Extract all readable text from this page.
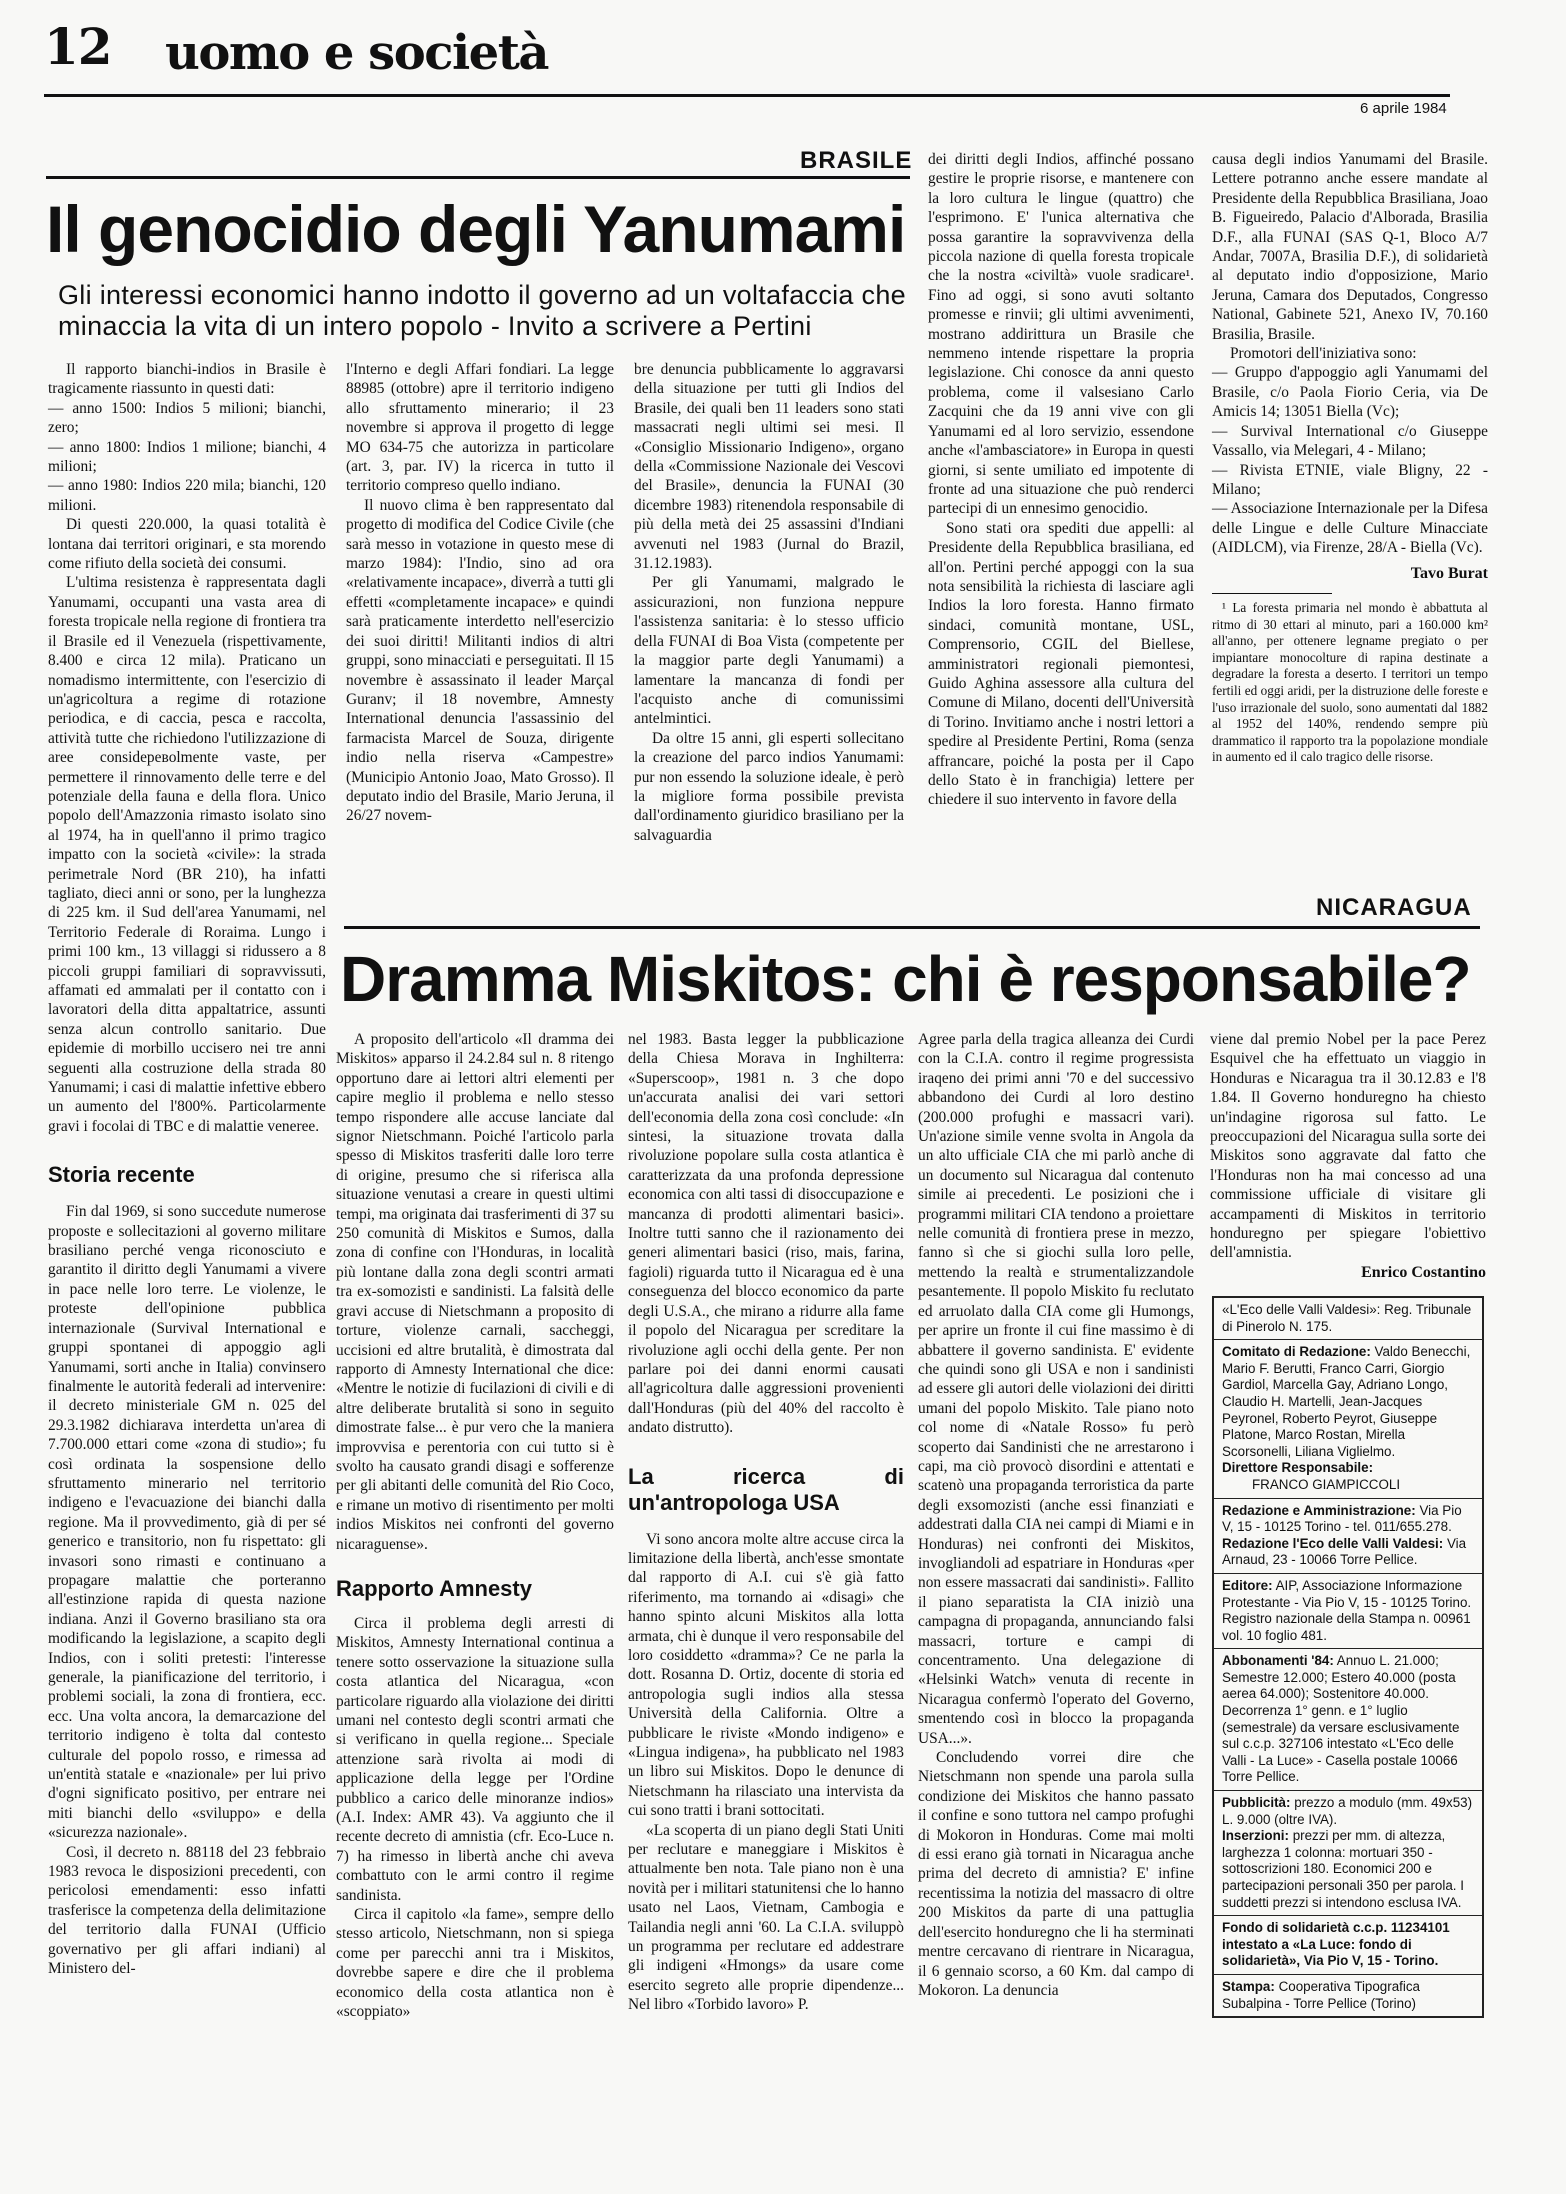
12 uomo e società
6 aprile 1984
BRASILE
Il genocidio degli Yanumami
Gli interessi economici hanno indotto il governo ad un voltafaccia che minaccia la vita di un intero popolo - Invito a scrivere a Pertini

Il rapporto bianchi-indios in Brasile è tragicamente riassunto in questi dati:

— anno 1500: Indios 5 milioni; bianchi, zero;

— anno 1800: Indios 1 milione; bianchi, 4 milioni;

— anno 1980: Indios 220 mila; bianchi, 120 milioni.

Di questi 220.000, la quasi totalità è lontana dai territori originari, e sta morendo come rifiuto della società dei consumi.

L'ultima resistenza è rappresentata dagli Yanumami, occupanti una vasta area di foresta tropicale nella regione di frontiera tra il Brasile ed il Venezuela (rispettivamente, 8.400 e circa 12 mila). Praticano un nomadismo intermittente, con l'esercizio di un'agricoltura a regime di rotazione periodica, e di caccia, pesca e raccolta, attività tutte che richiedono l'utilizzazione di aree consideревolmente vaste, per permettere il rinnovamento delle terre e del potenziale della fauna e della flora. Unico popolo dell'Amazzonia rimasto isolato sino al 1974, ha in quell'anno il primo tragico impatto con la società «civile»: la strada perimetrale Nord (BR 210), ha infatti tagliato, dieci anni or sono, per la lunghezza di 225 km. il Sud dell'area Yanumami, nel Territorio Federale di Roraima. Lungo i primi 100 km., 13 villaggi si ridussero a 8 piccoli gruppi familiari di sopravvissuti, affamati ed ammalati per il contatto con i lavoratori della ditta appaltatrice, assunti senza alcun controllo sanitario. Due epidemie di morbillo uccisero nei tre anni seguenti alla costruzione della strada 80 Yanumami; i casi di malattie infettive ebbero un aumento del l'800%. Particolarmente gravi i focolai di TBC e di malattie veneree.

Storia recente

Fin dal 1969, si sono succedute numerose proposte e sollecitazioni al governo militare brasiliano perché venga riconosciuto e garantito il diritto degli Yanumami a vivere in pace nelle loro terre. Le violenze, le proteste dell'opinione pubblica internazionale (Survival International e gruppi spontanei di appoggio agli Yanumami, sorti anche in Italia) convinsero finalmente le autorità federali ad intervenire: il decreto ministeriale GM n. 025 del 29.3.1982 dichiarava interdetta un'area di 7.700.000 ettari come «zona di studio»; fu così ordinata la sospensione dello sfruttamento minerario nel territorio indigeno e l'evacuazione dei bianchi dalla regione. Ma il provvedimento, già di per sé generico e transitorio, non fu rispettato: gli invasori sono rimasti e continuano a propagare malattie che porteranno all'estinzione rapida di questa nazione indiana. Anzi il Governo brasiliano sta ora modificando la legislazione, a scapito degli Indios, con i soliti pretesti: l'interesse generale, la pianificazione del territorio, i problemi sociali, la zona di frontiera, ecc. ecc. Una volta ancora, la demarcazione del territorio indigeno è tolta dal contesto culturale del popolo rosso, e rimessa ad un'entità statale e «nazionale» per lui privo d'ogni significato positivo, per entrare nei miti bianchi dello «sviluppo» e della «sicurezza nazionale».

Così, il decreto n. 88118 del 23 febbraio 1983 revoca le disposizioni precedenti, con pericolosi emendamenti: esso infatti trasferisce la competenza della delimitazione del territorio dalla FUNAI (Ufficio governativo per gli affari indiani) al Ministero del-

l'Interno e degli Affari fondiari. La legge 88985 (ottobre) apre il territorio indigeno allo sfruttamento minerario; il 23 novembre si approva il progetto di legge MO 634-75 che autorizza in particolare (art. 3, par. IV) la ricerca in tutto il territorio compreso quello indiano.

Il nuovo clima è ben rappresentato dal progetto di modifica del Codice Civile (che sarà messo in votazione in questo mese di marzo 1984): l'Indio, sino ad ora «relativamente incapace», diverrà a tutti gli effetti «completamente incapace» e quindi sarà praticamente interdetto nell'esercizio dei suoi diritti! Militanti indios di altri gruppi, sono minacciati e perseguitati. Il 15 novembre è assassinato il leader Marçal Guranv; il 18 novembre, Amnesty International denuncia l'assassinio del farmacista Marcel de Souza, dirigente indio nella riserva «Campestre» (Municipio Antonio Joao, Mato Grosso). Il deputato indio del Brasile, Mario Jeruna, il 26/27 novem-

bre denuncia pubblicamente lo aggravarsi della situazione per tutti gli Indios del Brasile, dei quali ben 11 leaders sono stati massacrati negli ultimi sei mesi. Il «Consiglio Missionario Indigeno», organo della «Commissione Nazionale dei Vescovi del Brasile», denuncia la FUNAI (30 dicembre 1983) ritenendola responsabile di più della metà dei 25 assassini d'Indiani avvenuti nel 1983 (Jurnal do Brazil, 31.12.1983).

Per gli Yanumami, malgrado le assicurazioni, non funziona neppure l'assistenza sanitaria: è lo stesso ufficio della FUNAI di Boa Vista (competente per la maggior parte degli Yanumami) a lamentare la mancanza di fondi per l'acquisto anche di comunissimi antelmintici.

Da oltre 15 anni, gli esperti sollecitano la creazione del parco indios Yanumami: pur non essendo la soluzione ideale, è però la migliore forma possibile prevista dall'ordinamento giuridico brasiliano per la salvaguardia

dei diritti degli Indios, affinché possano gestire le proprie risorse, e mantenere con la loro cultura le lingue (quattro) che l'esprimono. E' l'unica alternativa che possa garantire la sopravvivenza della piccola nazione di quella foresta tropicale che la nostra «civiltà» vuole sradicare¹. Fino ad oggi, si sono avuti soltanto promesse e rinvii; gli ultimi avvenimenti, mostrano addirittura un Brasile che nemmeno intende rispettare la propria legislazione. Chi conosce da anni questo problema, come il valsesiano Carlo Zacquini che da 19 anni vive con gli Yanumami ed al loro servizio, essendone anche «l'ambasciatore» in Europa in questi giorni, si sente umiliato ed impotente di fronte ad una situazione che può renderci partecipi di un ennesimo genocidio.

Sono stati ora spediti due appelli: al Presidente della Repubblica brasiliana, ed all'on. Pertini perché appoggi con la sua nota sensibilità la richiesta di lasciare agli Indios la loro foresta. Hanno firmato sindaci, comunità montane, USL, Comprensorio, CGIL del Biellese, amministratori regionali piemontesi, Guido Aghina assessore alla cultura del Comune di Milano, docenti dell'Università di Torino. Invitiamo anche i nostri lettori a spedire al Presidente Pertini, Roma (senza affrancare, poiché la posta per il Capo dello Stato è in franchigia) lettere per chiedere il suo intervento in favore della

causa degli indios Yanumami del Brasile. Lettere potranno anche essere mandate al Presidente della Repubblica Brasiliana, Joao B. Figueiredo, Palacio d'Alborada, Brasilia D.F., alla FUNAI (SAS Q-1, Bloco A/7 Andar, 7007A, Brasilia D.F.), di solidarietà al deputato indio d'opposizione, Mario Jeruna, Camara dos Deputados, Congresso National, Gabinete 521, Anexo IV, 70.160 Brasilia, Brasile.

Promotori dell'iniziativa sono:

— Gruppo d'appoggio agli Yanumami del Brasile, c/o Paola Fiorio Ceria, via De Amicis 14; 13051 Biella (Vc);

— Survival International c/o Giuseppe Vassallo, via Melegari, 4 - Milano;

— Rivista ETNIE, viale Bligny, 22 - Milano;

— Associazione Internazionale per la Difesa delle Lingue e delle Culture Minacciate (AIDLCM), via Firenze, 28/A - Biella (Vc).

Tavo Burat

¹ La foresta primaria nel mondo è abbattuta al ritmo di 30 ettari al minuto, pari a 160.000 km² all'anno, per ottenere legname pregiato o per impiantare monocolture di rapina destinate a degradare la foresta a deserto. I territori un tempo fertili ed oggi aridi, per la distruzione delle foreste e l'uso irrazionale del suolo, sono aumentati dal 1882 al 1952 del 140%, rendendo sempre più drammatico il rapporto tra la popolazione mondiale in aumento ed il calo tragico delle risorse.

NICARAGUA
Dramma Miskitos: chi è responsabile?

A proposito dell'articolo «Il dramma dei Miskitos» apparso il 24.2.84 sul n. 8 ritengo opportuno dare ai lettori altri elementi per capire meglio il problema e nello stesso tempo rispondere alle accuse lanciate dal signor Nietschmann. Poiché l'articolo parla spesso di Miskitos trasferiti dalle loro terre di origine, presumo che si riferisca alla situazione venutasi a creare in questi ultimi tempi, ma originata dai trasferimenti di 37 su 250 comunità di Miskitos e Sumos, dalla zona di confine con l'Honduras, in località più lontane dalla zona degli scontri armati tra ex-somozisti e sandinisti. La falsità delle gravi accuse di Nietschmann a proposito di torture, violenze carnali, saccheggi, uccisioni ed altre brutalità, è dimostrata dal rapporto di Amnesty International che dice: «Mentre le notizie di fucilazioni di civili e di altre deliberate brutalità si sono in seguito dimostrate false... è pur vero che la maniera improvvisa e perentoria con cui tutto si è svolto ha causato grandi disagi e sofferenze per gli abitanti delle comunità del Rio Coco, e rimane un motivo di risentimento per molti indios Miskitos nei confronti del governo nicaraguense».

Rapporto Amnesty

Circa il problema degli arresti di Miskitos, Amnesty International continua a tenere sotto osservazione la situazione sulla costa atlantica del Nicaragua, «con particolare riguardo alla violazione dei diritti umani nel contesto degli scontri armati che si verificano in quella regione... Speciale attenzione sarà rivolta ai modi di applicazione della legge per l'Ordine pubblico a carico delle minoranze indios» (A.I. Index: AMR 43). Va aggiunto che il recente decreto di amnistia (cfr. Eco-Luce n. 7) ha rimesso in libertà anche chi aveva combattuto con le armi contro il regime sandinista.

Circa il capitolo «la fame», sempre dello stesso articolo, Nietschmann, non si spiega come per parecchi anni tra i Miskitos, dovrebbe sapere e dire che il problema economico della costa atlantica non è «scoppiato»

nel 1983. Basta legger la pubblicazione della Chiesa Morava in Inghilterra: «Superscoop», 1981 n. 3 che dopo un'accurata analisi dei vari settori dell'economia della zona così conclude: «In sintesi, la situazione trovata dalla rivoluzione popolare sulla costa atlantica è caratterizzata da una profonda depressione economica con alti tassi di disoccupazione e mancanza di prodotti alimentari basici». Inoltre tutti sanno che il razionamento dei generi alimentari basici (riso, mais, farina, fagioli) riguarda tutto il Nicaragua ed è una conseguenza del blocco economico da parte degli U.S.A., che mirano a ridurre alla fame il popolo del Nicaragua per screditare la rivoluzione agli occhi della gente. Per non parlare poi dei danni enormi causati all'agricoltura dalle aggressioni provenienti dall'Honduras (più del 40% del raccolto è andato distrutto).

La ricerca di un'antropologa USA

Vi sono ancora molte altre accuse circa la limitazione della libertà, anch'esse smontate dal rapporto di A.I. cui s'è già fatto riferimento, ma tornando ai «disagi» che hanno spinto alcuni Miskitos alla lotta armata, chi è dunque il vero responsabile del loro cosiddetto «dramma»? Ce ne parla la dott. Rosanna D. Ortiz, docente di storia ed antropologia sugli indios alla stessa Università della California. Oltre a pubblicare le riviste «Mondo indigeno» e «Lingua indigena», ha pubblicato nel 1983 un libro sui Miskitos. Dopo le denunce di Nietschmann ha rilasciato una intervista da cui sono tratti i brani sottocitati.

«La scoperta di un piano degli Stati Uniti per reclutare e maneggiare i Miskitos è attualmente ben nota. Tale piano non è una novità per i militari statunitensi che lo hanno usato nel Laos, Vietnam, Cambogia e Tailandia negli anni '60. La C.I.A. sviluppò un programma per reclutare ed addestrare gli indigeni «Hmongs» da usare come esercito segreto alle proprie dipendenze... Nel libro «Torbido lavoro» P.

Agree parla della tragica alleanza dei Curdi con la C.I.A. contro il regime progressista iraqeno dei primi anni '70 e del successivo abbandono dei Curdi al loro destino (200.000 profughi e massacri vari). Un'azione simile venne svolta in Angola da un alto ufficiale CIA che mi parlò anche di un documento sul Nicaragua dal contenuto simile ai precedenti. Le posizioni che i programmi militari CIA tendono a proiettare nelle comunità di frontiera prese in mezzo, fanno sì che si giochi sulla loro pelle, mettendo la realtà e strumentalizzandole pesantemente. Il popolo Miskito fu reclutato ed arruolato dalla CIA come gli Humongs, per aprire un fronte il cui fine massimo è di abbattere il governo sandinista. E' evidente che quindi sono gli USA e non i sandinisti ad essere gli autori delle violazioni dei diritti umani del popolo Miskito. Tale piano noto col nome di «Natale Rosso» fu però scoperto dai Sandinisti che ne arrestarono i capi, ma ciò provocò disordini e attentati e scatenò una propaganda terroristica da parte degli exsomozisti (anche essi finanziati e addestrati dalla CIA nei campi di Miami e in Honduras) nei confronti dei Miskitos, invogliandoli ad espatriare in Honduras «per non essere massacrati dai sandinisti». Fallito il piano separatista la CIA iniziò una campagna di propaganda, annunciando falsi massacri, torture e campi di concentramento. Una delegazione di «Helsinki Watch» venuta di recente in Nicaragua confermò l'operato del Governo, smentendo così in blocco la propaganda USA...».

Concludendo vorrei dire che Nietschmann non spende una parola sulla condizione dei Miskitos che hanno passato il confine e sono tuttora nel campo profughi di Mokoron in Honduras. Come mai molti di essi erano già tornati in Nicaragua anche prima del decreto di amnistia? E' infine recentissima la notizia del massacro di oltre 200 Miskitos da parte di una pattuglia dell'esercito honduregno che li ha sterminati mentre cercavano di rientrare in Nicaragua, il 6 gennaio scorso, a 60 Km. dal campo di Mokoron. La denuncia

viene dal premio Nobel per la pace Perez Esquivel che ha effettuato un viaggio in Honduras e Nicaragua tra il 30.12.83 e l'8 1.84. Il Governo honduregno ha chiesto un'indagine rigorosa sul fatto. Le preoccupazioni del Nicaragua sulla sorte dei Miskitos sono aggravate dal fatto che l'Honduras non ha mai concesso ad una commissione ufficiale di visitare gli accampamenti di Miskitos in territorio honduregno per spiegare l'obiettivo dell'amnistia.

Enrico Costantino
«L'Eco delle Valli Valdesi»: Reg. Tribunale di Pinerolo N. 175.
Comitato di Redazione: Valdo Benecchi, Mario F. Berutti, Franco Carri, Giorgio Gardiol, Marcella Gay, Adriano Longo, Claudio H. Martelli, Jean-Jacques Peyronel, Roberto Peyrot, Giuseppe Platone, Marco Rostan, Mirella Scorsonelli, Liliana Viglielmo.
Direttore Responsabile:
FRANCO GIAMPICCOLI
Redazione e Amministrazione: Via Pio V, 15 - 10125 Torino - tel. 011/655.278.
Redazione l'Eco delle Valli Valdesi: Via Arnaud, 23 - 10066 Torre Pellice.
Editore: AIP, Associazione Informazione Protestante - Via Pio V, 15 - 10125 Torino. Registro nazionale della Stampa n. 00961 vol. 10 foglio 481.
Abbonamenti '84: Annuo L. 21.000; Semestre 12.000; Estero 40.000 (posta aerea 64.000); Sostenitore 40.000. Decorrenza 1° genn. e 1° luglio (semestrale) da versare esclusivamente sul c.c.p. 327106 intestato «L'Eco delle Valli - La Luce» - Casella postale 10066 Torre Pellice.
Pubblicità: prezzo a modulo (mm. 49x53) L. 9.000 (oltre IVA).
Inserzioni: prezzi per mm. di altezza, larghezza 1 colonna: mortuari 350 - sottoscrizioni 180. Economici 200 e partecipazioni personali 350 per parola. I suddetti prezzi si intendono esclusa IVA.
Fondo di solidarietà c.c.p. 11234101 intestato a «La Luce: fondo di solidarietà», Via Pio V, 15 - Torino.
Stampa: Cooperativa Tipografica Subalpina - Torre Pellice (Torino)
